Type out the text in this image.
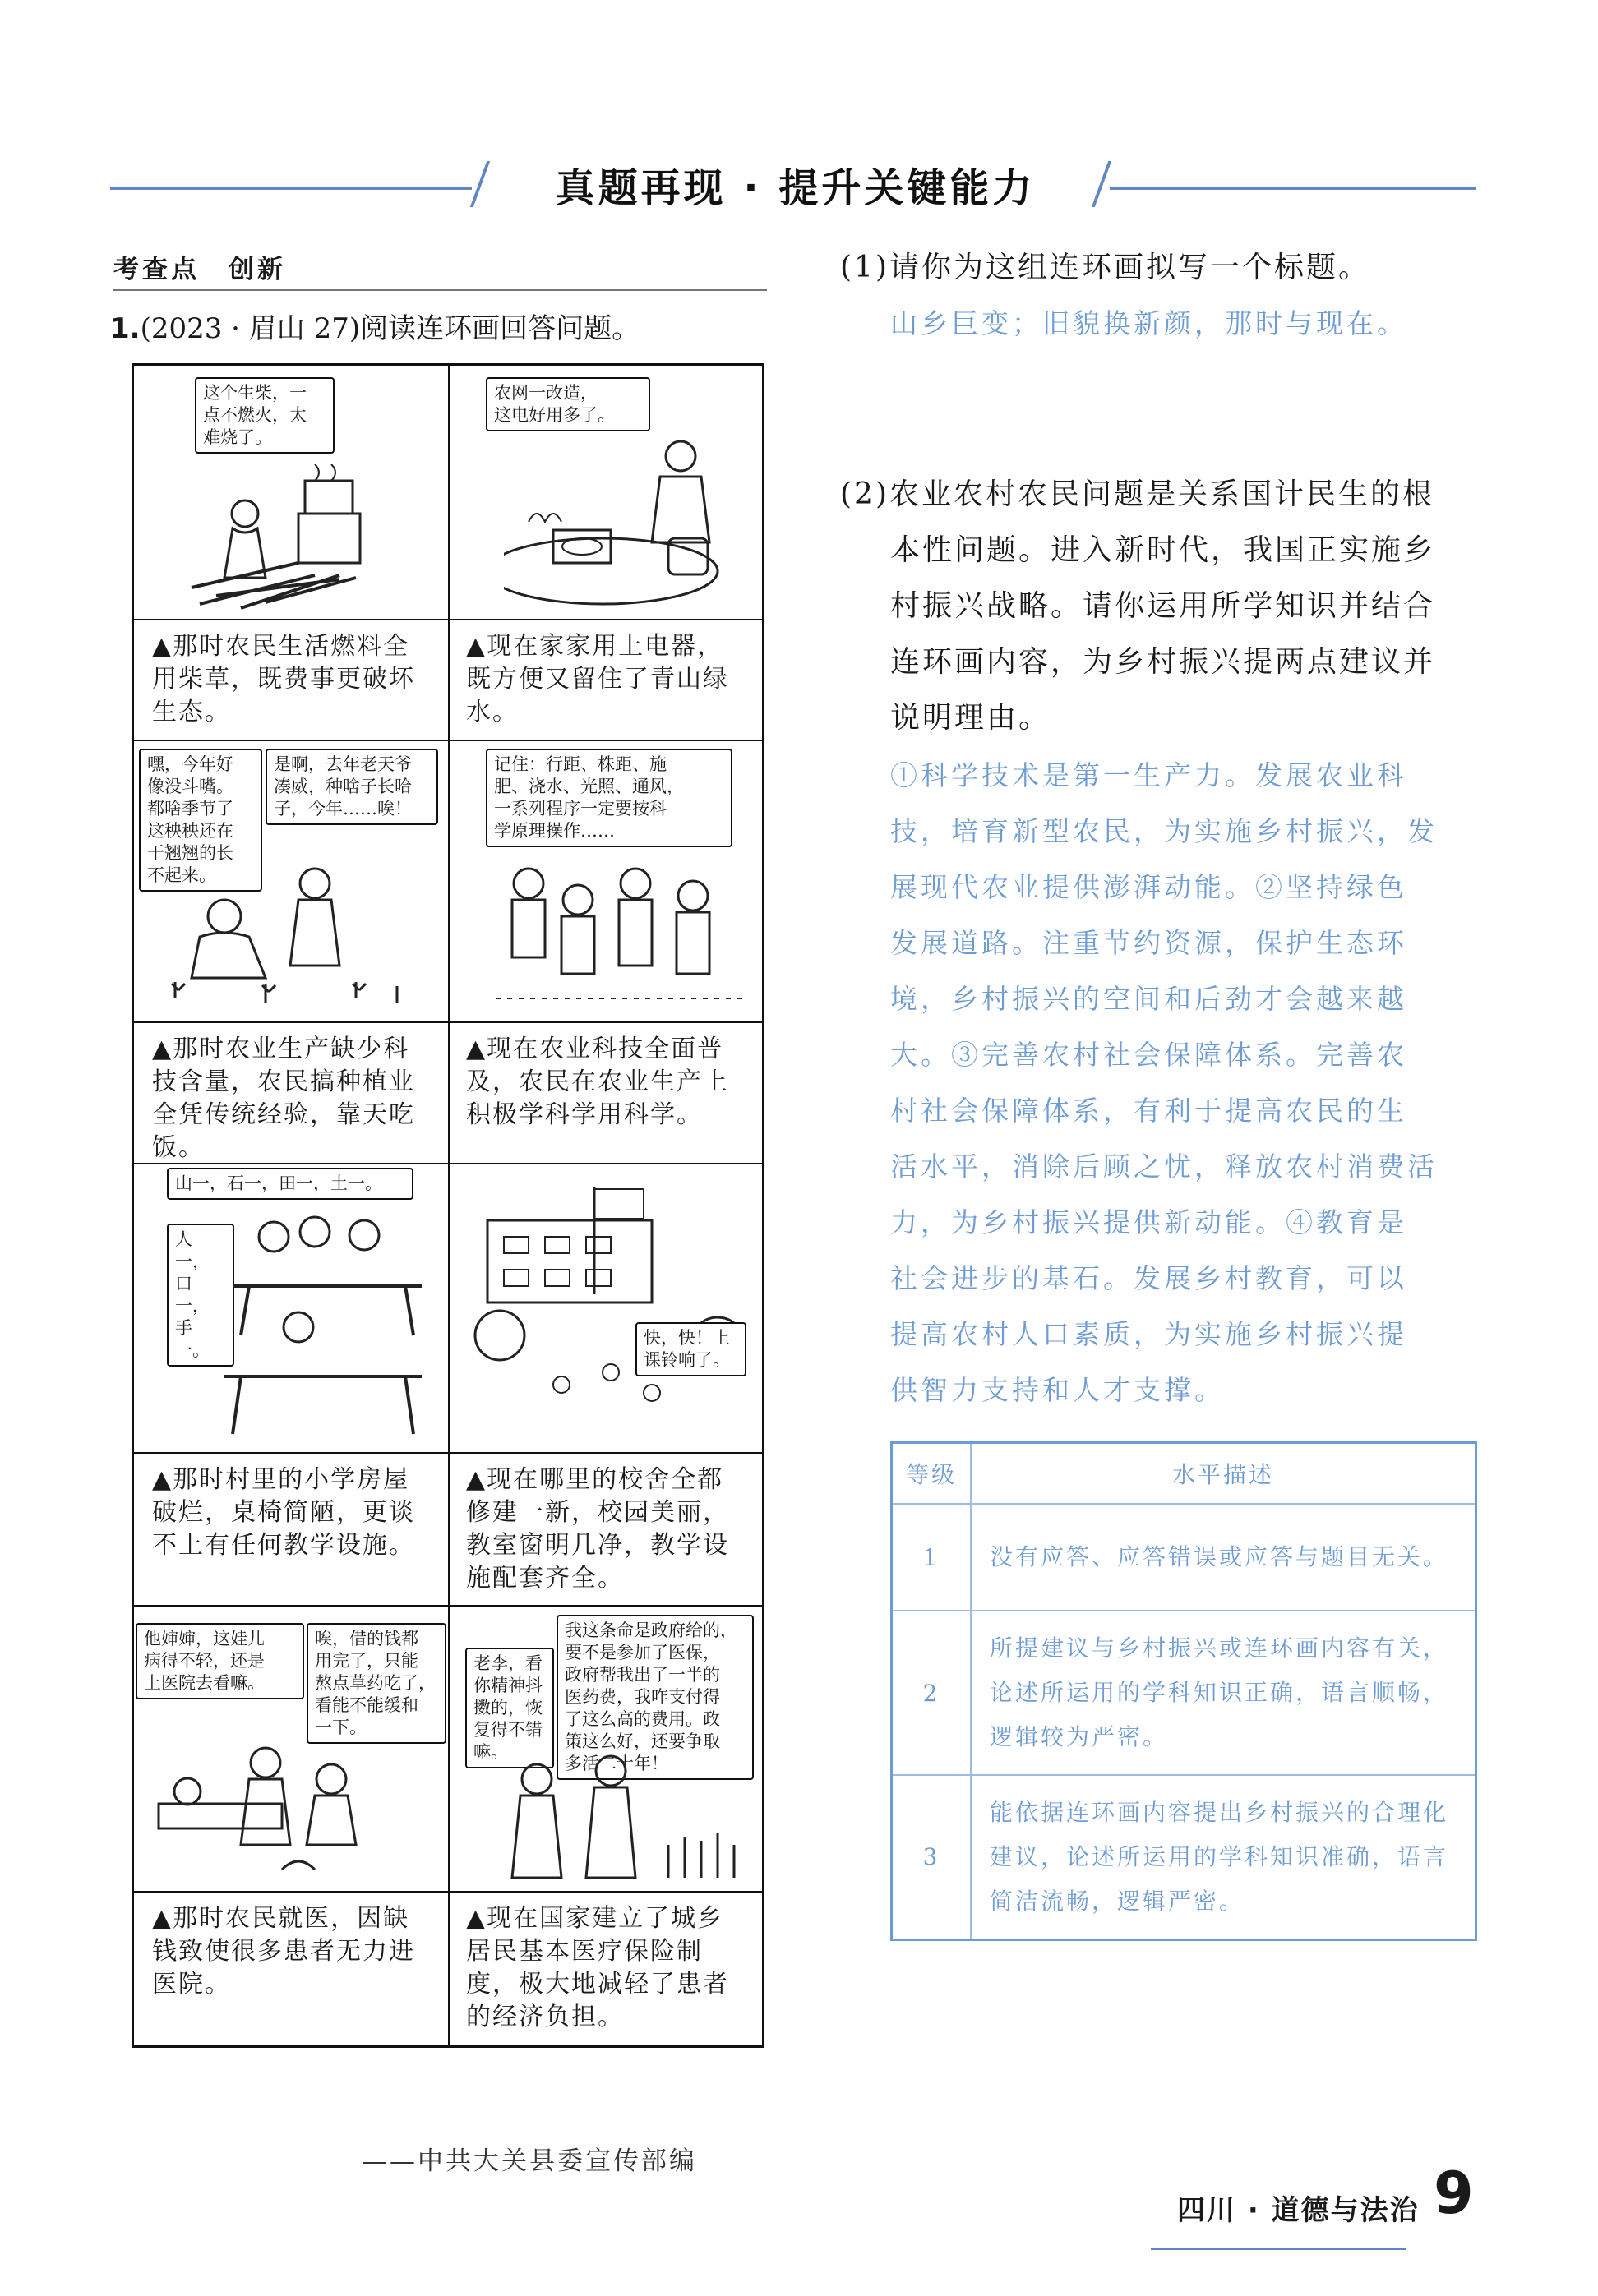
真题再现 · 提升关键能力
考查点　创新
1.(2023 · 眉山 27)阅读连环画回答问题。
这个生柴，一
点不燃火，太
难烧了。
▲那时农民生活燃料全用柴草，既费事更破坏生态。
农网一改造，
这电好用多了。
▲现在家家用上电器，既方便又留住了青山绿水。
嘿，今年好
像没斗嘴。
都啥季节了
这秧秧还在
干翘翘的长
不起来。
是啊，去年老天爷
凑威，种啥子长哈
子，今年……唉！
▲那时农业生产缺少科技含量，农民搞种植业全凭传统经验，靠天吃饭。
记住：行距、株距、施
肥、浇水、光照、通风，
一系列程序一定要按科
学原理操作……
▲现在农业科技全面普及，农民在农业生产上积极学科学用科学。
山一，石一，田一，土一。
人一，
口一，
手一。
▲那时村里的小学房屋破烂，桌椅简陋，更谈不上有任何教学设施。
快，快！上
课铃响了。
▲现在哪里的校舍全都修建一新，校园美丽，教室窗明几净，教学设施配套齐全。
他婶婶，这娃儿
病得不轻，还是
上医院去看嘛。
唉，借的钱都
用完了，只能
熬点草药吃了，
看能不能缓和
一下。
▲那时农民就医，因缺钱致使很多患者无力进医院。
老李，看
你精神抖
擞的，恢
复得不错
嘛。
我这条命是政府给的，
要不是参加了医保，
政府帮我出了一半的
医药费，我咋支付得
了这么高的费用。政
策这么好，还要争取
多活二十年！
▲现在国家建立了城乡居民基本医疗保险制度，极大地减轻了患者的经济负担。
——中共大关县委宣传部编
(1)请你为这组连环画拟写一个标题。
山乡巨变；旧貌换新颜，那时与现在。
(2)农业农村农民问题是关系国计民生的根
本性问题。进入新时代，我国正实施乡
村振兴战略。请你运用所学知识并结合
连环画内容，为乡村振兴提两点建议并
说明理由。
①科学技术是第一生产力。发展农业科
技，培育新型农民，为实施乡村振兴，发
展现代农业提供澎湃动能。②坚持绿色
发展道路。注重节约资源，保护生态环
境，乡村振兴的空间和后劲才会越来越
大。③完善农村社会保障体系。完善农
村社会保障体系，有利于提高农民的生
活水平，消除后顾之忧，释放农村消费活
力，为乡村振兴提供新动能。④教育是
社会进步的基石。发展乡村教育，可以
提高农村人口素质，为实施乡村振兴提
供智力支持和人才支撑。
等级	水平描述
1	没有应答、应答错误或应答与题目无关。
2	所提建议与乡村振兴或连环画内容有关，论述所运用的学科知识正确，语言顺畅，逻辑较为严密。
3	能依据连环画内容提出乡村振兴的合理化建议，论述所运用的学科知识准确，语言简洁流畅，逻辑严密。
四川 · 道德与法治 9
